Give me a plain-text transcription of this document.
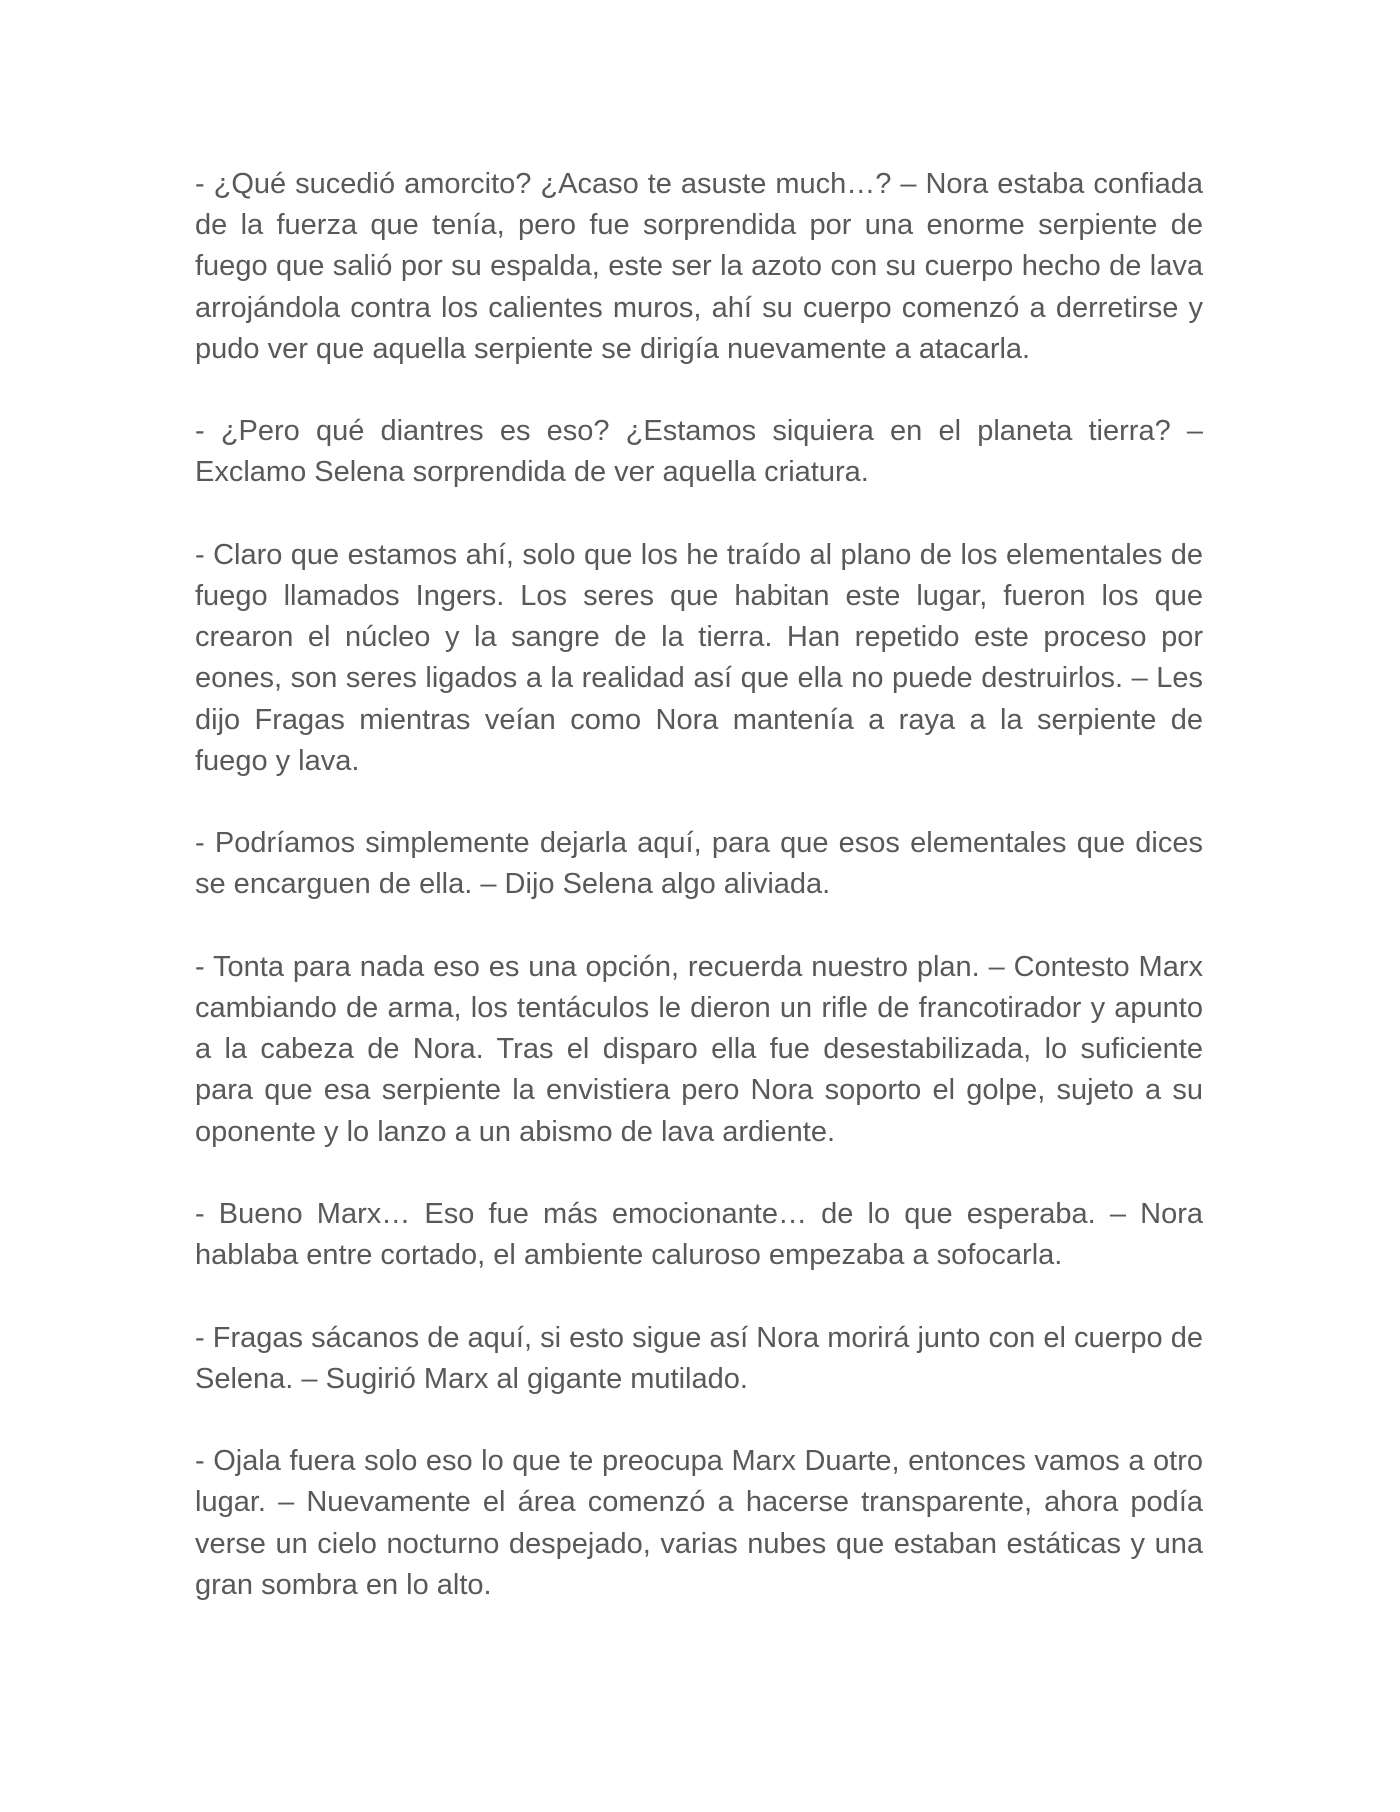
- ¿Qué sucedió amorcito? ¿Acaso te asuste much…? – Nora estaba confiada de la fuerza que tenía, pero fue sorprendida por una enorme serpiente de fuego que salió por su espalda, este ser la azoto con su cuerpo hecho de lava arrojándola contra los calientes muros, ahí su cuerpo comenzó a derretirse y pudo ver que aquella serpiente se dirigía nuevamente a atacarla.

- ¿Pero qué diantres es eso? ¿Estamos siquiera en el planeta tierra? – Exclamo Selena sorprendida de ver aquella criatura.

- Claro que estamos ahí, solo que los he traído al plano de los elementales de fuego llamados Ingers. Los seres que habitan este lugar, fueron los que crearon el núcleo y la sangre de la tierra. Han repetido este proceso por eones, son seres ligados a la realidad así que ella no puede destruirlos. – Les dijo Fragas mientras veían como Nora mantenía a raya a la serpiente de fuego y lava.

- Podríamos simplemente dejarla aquí, para que esos elementales que dices se encarguen de ella. – Dijo Selena algo aliviada.

- Tonta para nada eso es una opción, recuerda nuestro plan. – Contesto Marx cambiando de arma, los tentáculos le dieron un rifle de francotirador y apunto a la cabeza de Nora. Tras el disparo ella fue desestabilizada, lo suficiente para que esa serpiente la envistiera pero Nora soporto el golpe, sujeto a su oponente y lo lanzo a un abismo de lava ardiente.

- Bueno Marx… Eso fue más emocionante… de lo que esperaba. – Nora hablaba entre cortado, el ambiente caluroso empezaba a sofocarla.

- Fragas sácanos de aquí, si esto sigue así Nora morirá junto con el cuerpo de Selena. – Sugirió Marx al gigante mutilado.

- Ojala fuera solo eso lo que te preocupa Marx Duarte, entonces vamos a otro lugar. – Nuevamente el área comenzó a hacerse transparente, ahora podía verse un cielo nocturno despejado, varias nubes que estaban estáticas y una gran sombra en lo alto.
